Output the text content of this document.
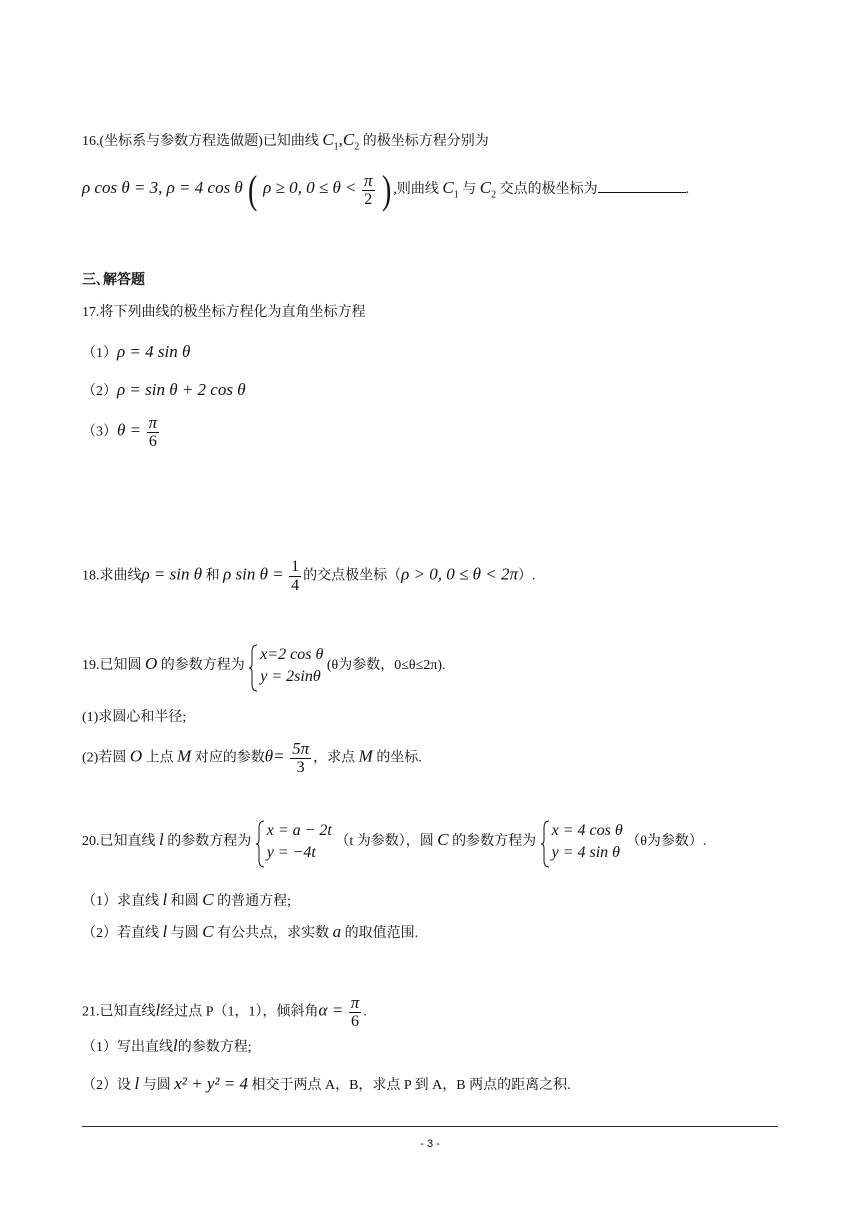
16.(坐标系与参数方程选做题)已知曲线 $C_1,C_2$ 的极坐标方程分别为
ρ cos θ = 3, ρ = 4 cos θ ( ρ ≥ 0, $0 \le \theta < \frac{\pi}{2}$ ) ,则曲线 $C_1$ 与 $C_2$ 交点的极坐标为	.
三､解答题
17.将下列曲线的极坐标方程化为直角坐标方程
（1）ρ = 4 sin θ
（2）ρ = sin θ + 2 cos θ
$(3)\theta = \frac{\pi}{6}$
18.求曲线ρ = sin θ 和 ρ $\sin \theta = \frac{1}{4}$ 的交点极坐标（ρ > 0, 0 ≤ θ < 2π）.
19.已知圆 O 的参数方程为
x=2 cos θ
y = 2sinθ
(θ为参数，0≤θ≤2π).
(1)求圆心和半径;
(2)若圆 O 上点 M 对应的参数$\theta= \frac{5\pi}{3}$ ，求点 M 的坐标.
20.已知直线 l 的参数方程为
x = a − 2t
y = −4t
（t 为参数），圆 C 的参数方程为
x = 4 cos θ
y = 4 sin θ
（θ为参数）.
（1）求直线 l 和圆 C 的普通方程;
（2）若直线 l 与圆 C 有公共点，求实数 a 的取值范围.
21.已知直线l经过点 P（1，1），倾斜角$\alpha = \frac{\pi}{6}$ .
（1）写出直线l的参数方程;
（2）设 l 与圆 x² + y² = 4 相交于两点 A，B，求点 P 到 A，B 两点的距离之积.
- 3 -
